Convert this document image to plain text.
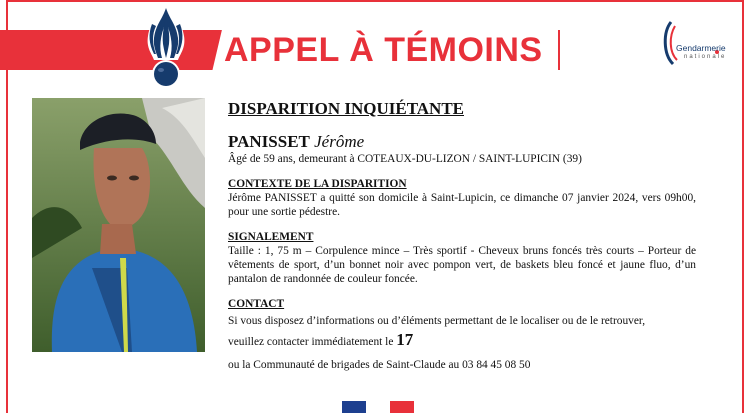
APPEL À TÉMOINS	Gendarmerie
nationale

DISPARITION INQUIÉTANTE

PANISSET Jérôme

Âgé de 59 ans, demeurant à COTEAUX-DU-LIZON / SAINT-LUPICIN (39)

CONTEXTE DE LA DISPARITION

Jérôme PANISSET a quitté son domicile à Saint-Lupicin, ce dimanche 07 janvier 2024, vers 09h00, pour une sortie pédestre.

SIGNALEMENT

Taille : 1, 75 m – Corpulence mince – Très sportif - Cheveux bruns foncés très courts – Porteur de vêtements de sport, d’un bonnet noir avec pompon vert, de baskets bleu foncé et jaune fluo, d’un pantalon de randonnée de couleur foncée.

CONTACT

Si vous disposez d’informations ou d’éléments permettant de le localiser ou de le retrouver,

veuillez contacter immédiatement le 17

ou la Communauté de brigades de Saint-Claude au 03 84 45 08 50
